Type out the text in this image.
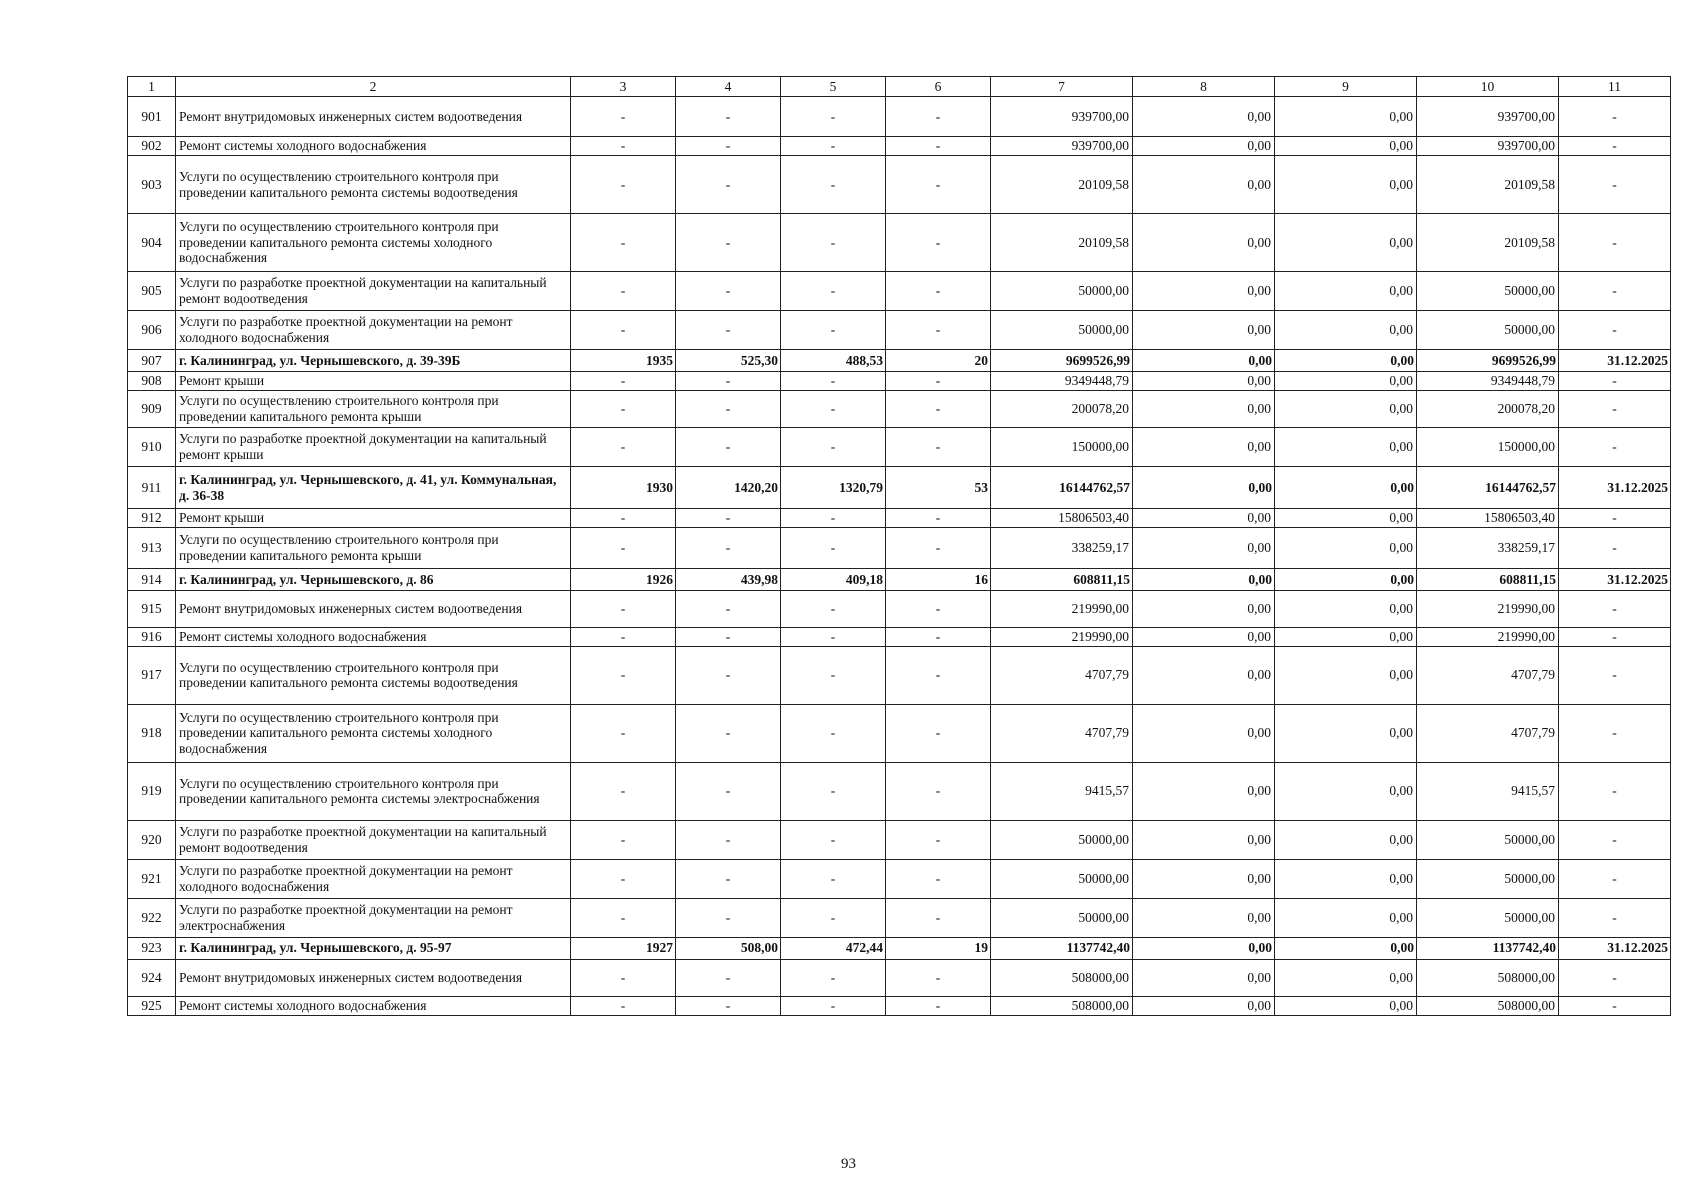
1	2	3	4	5	6	7	8	9	10	11
901	Ремонт внутридомовых инженерных систем водоотведения	-	-	-	-	939700,00	0,00	0,00	939700,00	-
902	Ремонт системы холодного водоснабжения	-	-	-	-	939700,00	0,00	0,00	939700,00	-
903	Услуги по осуществлению строительного контроля при проведении капитального ремонта системы водоотведения	-	-	-	-	20109,58	0,00	0,00	20109,58	-
904	Услуги по осуществлению строительного контроля при проведении капитального ремонта системы холодного водоснабжения	-	-	-	-	20109,58	0,00	0,00	20109,58	-
905	Услуги по разработке проектной документации на капитальный ремонт водоотведения	-	-	-	-	50000,00	0,00	0,00	50000,00	-
906	Услуги по разработке проектной документации на ремонт холодного водоснабжения	-	-	-	-	50000,00	0,00	0,00	50000,00	-
907	г. Калининград, ул. Чернышевского, д. 39-39Б	1935	525,30	488,53	20	9699526,99	0,00	0,00	9699526,99	31.12.2025
908	Ремонт крыши	-	-	-	-	9349448,79	0,00	0,00	9349448,79	-
909	Услуги по осуществлению строительного контроля при проведении капитального ремонта крыши	-	-	-	-	200078,20	0,00	0,00	200078,20	-
910	Услуги по разработке проектной документации на капитальный ремонт крыши	-	-	-	-	150000,00	0,00	0,00	150000,00	-
911	г. Калининград, ул. Чернышевского, д. 41, ул. Коммунальная, д. 36-38	1930	1420,20	1320,79	53	16144762,57	0,00	0,00	16144762,57	31.12.2025
912	Ремонт крыши	-	-	-	-	15806503,40	0,00	0,00	15806503,40	-
913	Услуги по осуществлению строительного контроля при проведении капитального ремонта крыши	-	-	-	-	338259,17	0,00	0,00	338259,17	-
914	г. Калининград, ул. Чернышевского, д. 86	1926	439,98	409,18	16	608811,15	0,00	0,00	608811,15	31.12.2025
915	Ремонт внутридомовых инженерных систем водоотведения	-	-	-	-	219990,00	0,00	0,00	219990,00	-
916	Ремонт системы холодного водоснабжения	-	-	-	-	219990,00	0,00	0,00	219990,00	-
917	Услуги по осуществлению строительного контроля при проведении капитального ремонта системы водоотведения	-	-	-	-	4707,79	0,00	0,00	4707,79	-
918	Услуги по осуществлению строительного контроля при проведении капитального ремонта системы холодного водоснабжения	-	-	-	-	4707,79	0,00	0,00	4707,79	-
919	Услуги по осуществлению строительного контроля при проведении капитального ремонта системы электроснабжения	-	-	-	-	9415,57	0,00	0,00	9415,57	-
920	Услуги по разработке проектной документации на капитальный ремонт водоотведения	-	-	-	-	50000,00	0,00	0,00	50000,00	-
921	Услуги по разработке проектной документации на ремонт холодного водоснабжения	-	-	-	-	50000,00	0,00	0,00	50000,00	-
922	Услуги по разработке проектной документации на ремонт электроснабжения	-	-	-	-	50000,00	0,00	0,00	50000,00	-
923	г. Калининград, ул. Чернышевского, д. 95-97	1927	508,00	472,44	19	1137742,40	0,00	0,00	1137742,40	31.12.2025
924	Ремонт внутридомовых инженерных систем водоотведения	-	-	-	-	508000,00	0,00	0,00	508000,00	-
925	Ремонт системы холодного водоснабжения	-	-	-	-	508000,00	0,00	0,00	508000,00	-
93
